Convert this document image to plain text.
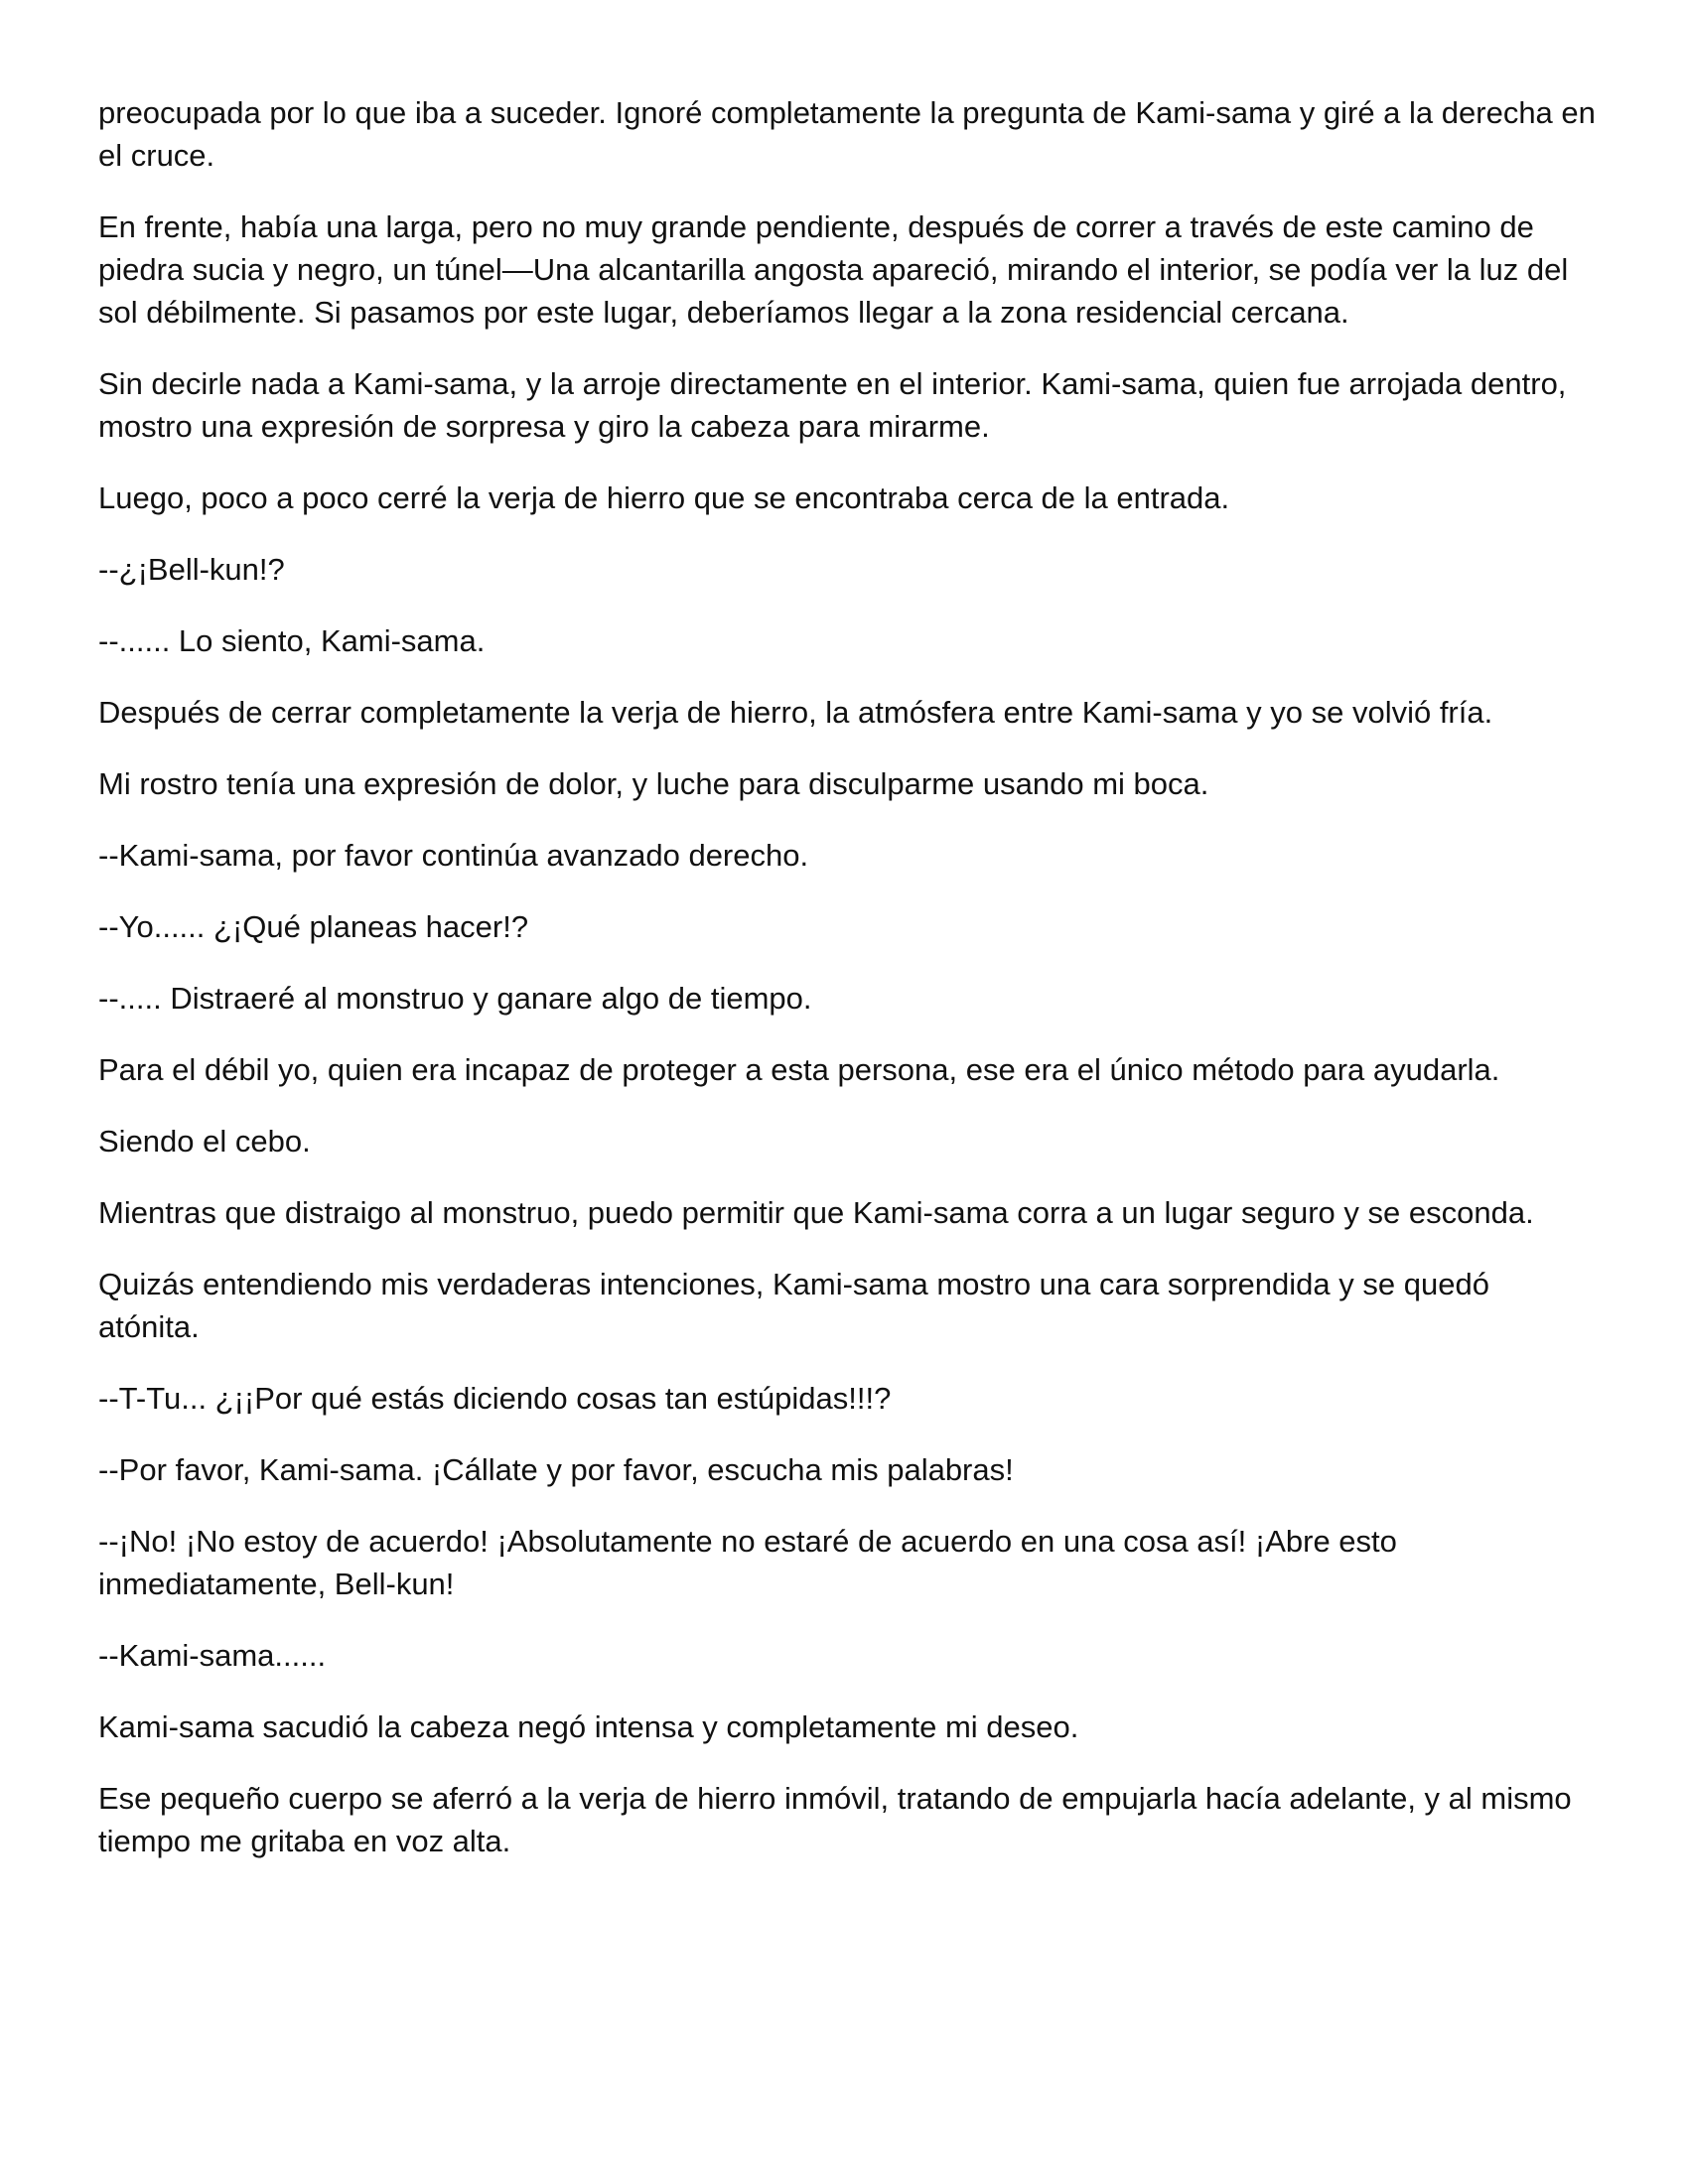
preocupada por lo que iba a suceder. Ignoré completamente la pregunta de Kami-sama y giré a la derecha en el cruce.

En frente, había una larga, pero no muy grande pendiente, después de correr a través de este camino de piedra sucia y negro, un túnel—Una alcantarilla angosta apareció, mirando el interior, se podía ver la luz del sol débilmente. Si pasamos por este lugar, deberíamos llegar a la zona residencial cercana.

Sin decirle nada a Kami-sama, y la arroje directamente en el interior. Kami-sama, quien fue arrojada dentro, mostro una expresión de sorpresa y giro la cabeza para mirarme.

Luego, poco a poco cerré la verja de hierro que se encontraba cerca de la entrada.

--¿¡Bell-kun!?

--...... Lo siento, Kami-sama.

Después de cerrar completamente la verja de hierro, la atmósfera entre Kami-sama y yo se volvió fría.

Mi rostro tenía una expresión de dolor, y luche para disculparme usando mi boca.

--Kami-sama, por favor continúa avanzado derecho.

--Yo...... ¿¡Qué planeas hacer!?

--..... Distraeré al monstruo y ganare algo de tiempo.

Para el débil yo, quien era incapaz de proteger a esta persona, ese era el único método para ayudarla.

Siendo el cebo.

Mientras que distraigo al monstruo, puedo permitir que Kami-sama corra a un lugar seguro y se esconda.

Quizás entendiendo mis verdaderas intenciones, Kami-sama mostro una cara sorprendida y se quedó atónita.

--T-Tu... ¿¡¡Por qué estás diciendo cosas tan estúpidas!!!?

--Por favor, Kami-sama. ¡Cállate y por favor, escucha mis palabras!

--¡No! ¡No estoy de acuerdo! ¡Absolutamente no estaré de acuerdo en una cosa así! ¡Abre esto inmediatamente, Bell-kun!

--Kami-sama......

Kami-sama sacudió la cabeza negó intensa y completamente mi deseo.

Ese pequeño cuerpo se aferró a la verja de hierro inmóvil, tratando de empujarla hacía adelante, y al mismo tiempo me gritaba en voz alta.
